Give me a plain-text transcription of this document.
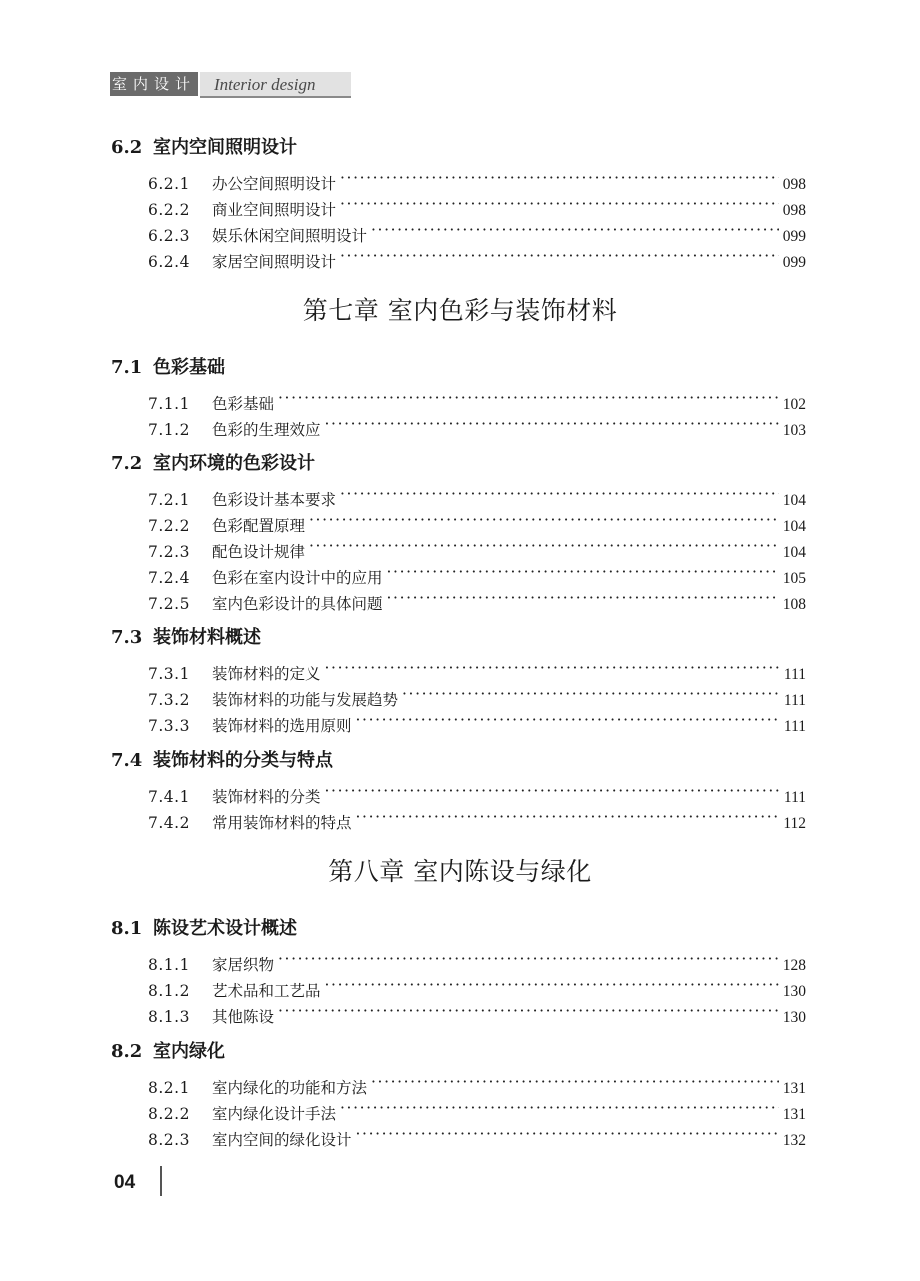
室内设计	Interior design
6.2 室内空间照明设计
6.2.1	办公空间照明设计 ·····	098
6.2.2	商业空间照明设计 ·····	098
6.2.3	娱乐休闲空间照明设计 ·····	099
6.2.4	家居空间照明设计 ·····	099
第七章 室内色彩与装饰材料
7.1 色彩基础
7.1.1	色彩基础 ·····	102
7.1.2	色彩的生理效应 ·····	103
7.2 室内环境的色彩设计
7.2.1	色彩设计基本要求 ·····	104
7.2.2	色彩配置原理 ·····	104
7.2.3	配色设计规律 ·····	104
7.2.4	色彩在室内设计中的应用 ·····	105
7.2.5	室内色彩设计的具体问题 ·····	108
7.3 装饰材料概述
7.3.1	装饰材料的定义 ·····	111
7.3.2	装饰材料的功能与发展趋势 ·····	111
7.3.3	装饰材料的选用原则 ·····	111
7.4 装饰材料的分类与特点
7.4.1	装饰材料的分类 ·····	111
7.4.2	常用装饰材料的特点 ·····	112
第八章 室内陈设与绿化
8.1 陈设艺术设计概述
8.1.1	家居织物 ·····	128
8.1.2	艺术品和工艺品 ·····	130
8.1.3	其他陈设 ·····	130
8.2 室内绿化
8.2.1	室内绿化的功能和方法 ·····	131
8.2.2	室内绿化设计手法 ·····	131
8.2.3	室内空间的绿化设计 ·····	132
04
